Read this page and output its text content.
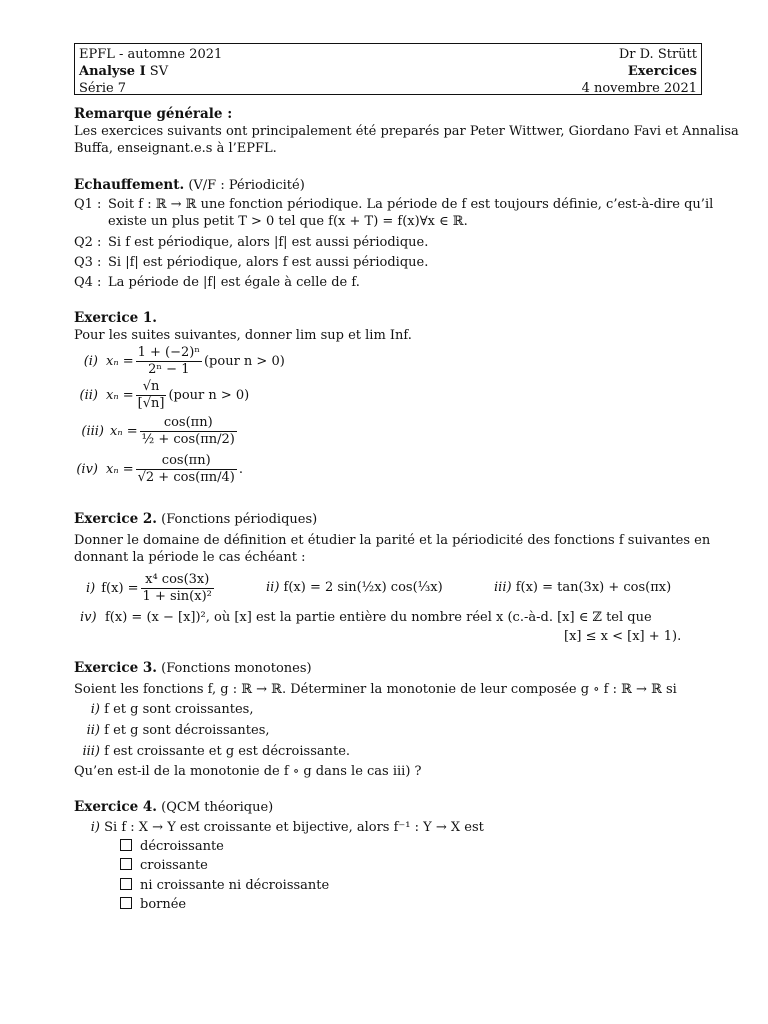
EPFL - automne 2021	Dr D. Strütt
Analyse I SV	Exercices
Série 7	4 novembre 2021
Remarque générale :
Les exercices suivants ont principalement été preparés par Peter Wittwer, Giordano Favi et Annalisa
Buffa, enseignant.e.s à l’EPFL.
Echauffement. (V/F : Périodicité)
Q1 : Soit f : ℝ → ℝ une fonction périodique. La période de f est toujours définie, c’est-à-dire qu’il
existe un plus petit T > 0 tel que f(x + T) = f(x)∀x ∈ ℝ.
Q2 : Si f est périodique, alors |f| est aussi périodique.
Q3 : Si |f| est périodique, alors f est aussi périodique.
Q4 : La période de |f| est égale à celle de f.
Exercice 1.
Pour les suites suivantes, donner lim sup et lim Inf.
(i) $x_n = \frac{\text{1 + (−2)ⁿ}}{\text{2ⁿ − 1}}$ (pour n > 0)
(ii) $x_n = \frac{√n}{[√n]}$ (pour n > 0)
(iii) $x_n = \frac{\cos(\pi n)}{\text{½ + cos(πn/2)}}$
(iv) $x_n = \frac{\cos(\pi n)}{√2 + \cos(\pi n/4)}$ .
Exercice 2. (Fonctions périodiques)
Donner le domaine de définition et étudier la parité et la périodicité des fonctions f suivantes en
donnant la période le cas échéant :
i) $f(x) = \frac{\text{x⁴ cos(3x)}}{\text{1 + sin(x)²}}$	ii) f(x) = 2 sin(½x) cos(⅓x)	iii) f(x) = tan(3x) + cos(πx)
iv) f(x) = (x − [x])², où [x] est la partie entière du nombre réel x (c.-à-d. [x] ∈ ℤ tel que
[x] ≤ x < [x] + 1).
Exercice 3. (Fonctions monotones)
Soient les fonctions f, g : ℝ → ℝ. Déterminer la monotonie de leur composée g ∘ f : ℝ → ℝ si
i) f et g sont croissantes,
ii) f et g sont décroissantes,
iii) f est croissante et g est décroissante.
Qu’en est-il de la monotonie de f ∘ g dans le cas iii) ?
Exercice 4. (QCM théorique)
i) Si f : X → Y est croissante et bijective, alors f⁻¹ : Y → X est
décroissante
croissante
ni croissante ni décroissante
bornée
